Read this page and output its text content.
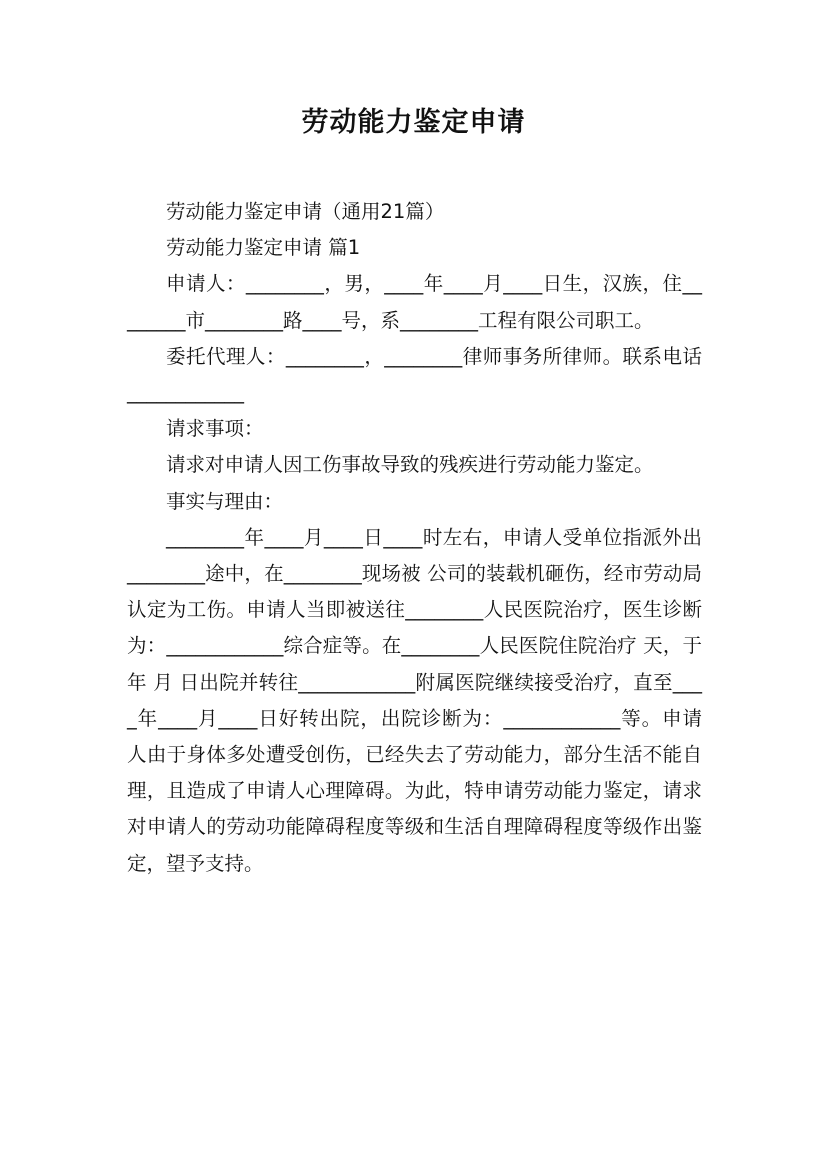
劳动能力鉴定申请

劳动能力鉴定申请（通用21篇）

劳动能力鉴定申请 篇1

申请人：________，男，____年____月____日生，汉族，住________市________路____号，系________工程有限公司职工。

委托代理人：________，________律师事务所律师。联系电话____________

请求事项：

请求对申请人因工伤事故导致的残疾进行劳动能力鉴定。

事实与理由：

________年____月____日____时左右，申请人受单位指派外出________途中，在________现场被 公司的装载机砸伤，经市劳动局认定为工伤。申请人当即被送往________人民医院治疗，医生诊断为：____________综合症等。在________人民医院住院治疗 天，于 年 月 日出院并转往____________附属医院继续接受治疗，直至____年____月____日好转出院，出院诊断为：____________等。申请人由于身体多处遭受创伤，已经失去了劳动能力，部分生活不能自理，且造成了申请人心理障碍。为此，特申请劳动能力鉴定，请求对申请人的劳动功能障碍程度等级和生活自理障碍程度等级作出鉴定，望予支持。
